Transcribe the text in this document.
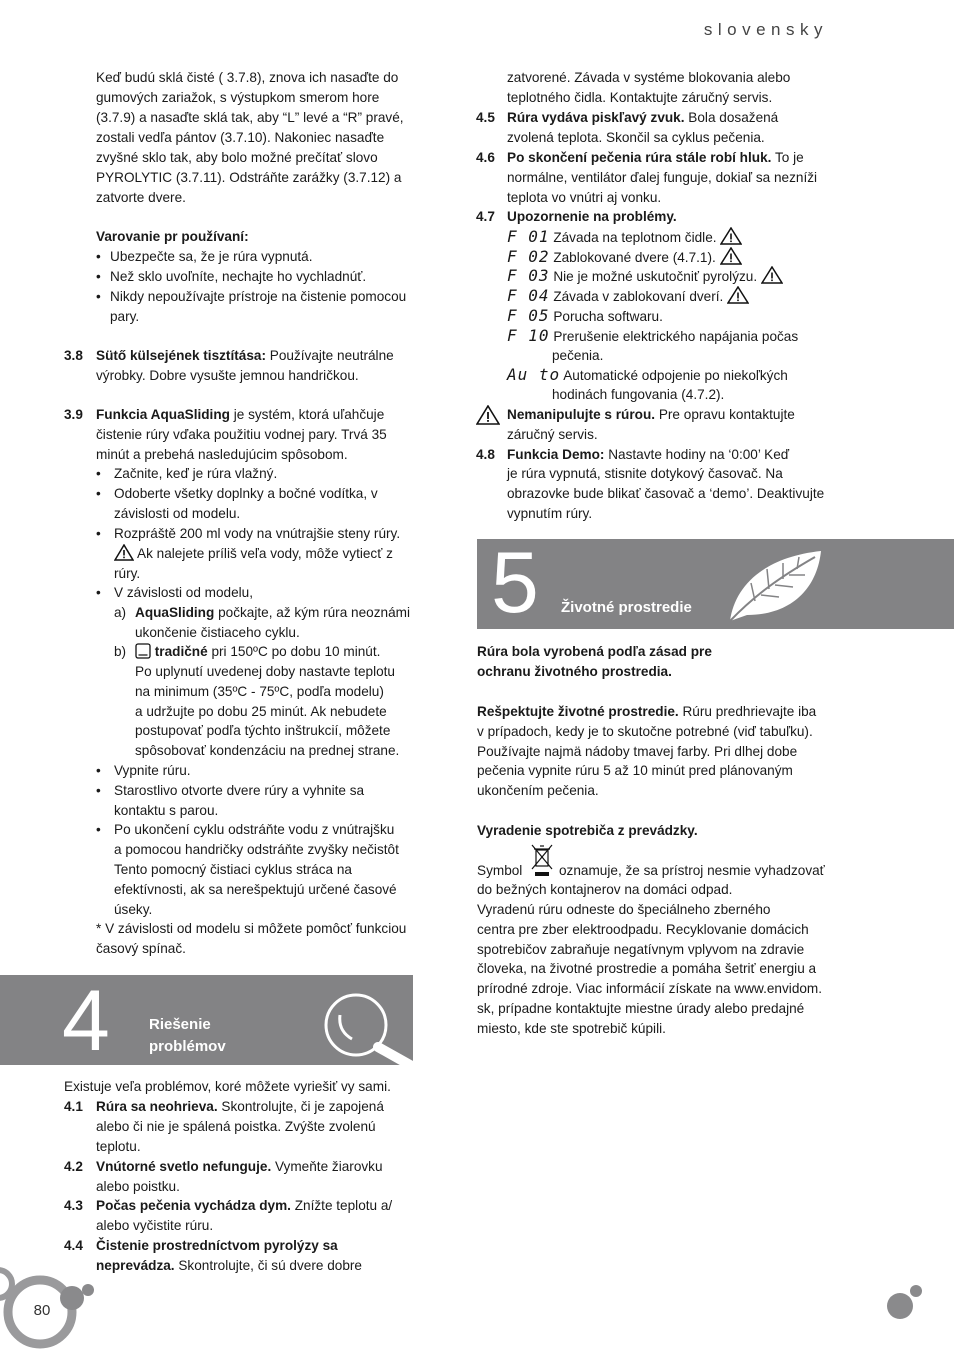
slovensky
Keď budú sklá čisté ( 3.7.8), znova ich nasaďte do
gumových zariažok, s výstupkom smerom hore
(3.7.9) a nasaďte sklá tak, aby “L” levé a “R” pravé,
zostali vedľa pántov (3.7.10). Nakoniec nasaďte
zvyšné sklo tak, aby bolo možné prečítať slovo
PYROLYTIC (3.7.11). Odstráňte zarážky (3.7.12) a
zatvorte dvere.
Varovanie pr používaní:
• Ubezpečte sa, že je rúra vypnutá.
• Než sklo uvoľníte, nechajte ho vychladnúť.
• Nikdy nepoužívajte prístroje na čistenie pomocou
pary.
3.8 Sütő külsejének tisztítása: Používajte neutrálne
výrobky. Dobre vysušte jemnou handričkou.
3.9 Funkcia AquaSliding je systém, ktorá uľahčuje
čistenie rúry vďaka použitiu vodnej pary. Trvá 35
minút a prebehá nasledujúcim spôsobom.
• Začnite, keď je rúra vlažný.
• Odoberte všetky doplnky a bočné vodítka, v
závislosti od modelu.
• Rozpráště 200 ml vody na vnútrajšie steny rúry.
Ak nalejete príliš veľa vody, môže vytiecť z
rúry.
• V závislosti od modelu,
a) AquaSliding počkajte, až kým rúra neoznámi
ukončenie čistiaceho cyklu.
b)	tradičné pri 150ºC po dobu 10 minút.
Po uplynutí uvedenej doby nastavte teplotu
na minimum (35ºC - 75ºC, podľa modelu)
a udržujte po dobu 25 minút. Ak nebudete
postupovať podľa týchto inštrukcií, môžete
spôsobovať kondenzáciu na prednej strane.
• Vypnite rúru.
• Starostlivo otvorte dvere rúry a vyhnite sa
kontaktu s parou.
• Po ukončení cyklu odstráňte vodu z vnútrajšku
a pomocou handričky odstráňte zvyšky nečistôt
Tento pomocný čistiaci cyklus stráca na
efektívnosti, ak sa nerešpektujú určené časové
úseky.
* V závislosti od modelu si môžete pomôcť funkciou
časový spínač.
4	Riešenie
problémov
Existuje veľa problémov, koré môžete vyriešiť vy sami.
4.1 Rúra sa neohrieva. Skontrolujte, či je zapojená
alebo či nie je spálená poistka. Zvýšte zvolenú
teplotu.
4.2 Vnútorné svetlo nefunguje. Vymeňte žiarovku
alebo poistku.
4.3 Počas pečenia vychádza dym. Znížte teplotu a/
alebo vyčistite rúru.
4.4 Čistenie prostredníctvom pyrolýzy sa
neprevádza. Skontrolujte, či sú dvere dobre
zatvorené. Závada v systéme blokovania alebo
teplotného čidla. Kontaktujte záručný servis.
4.5 Rúra vydáva piskľavý zvuk. Bola dosažená
zvolená teplota. Skončil sa cyklus pečenia.
4.6 Po skončení pečenia rúra stále robí hluk. To je
normálne, ventilátor ďalej funguje, dokiaľ sa nezníži
teplota vo vnútri aj vonku.
4.7 Upozornenie na problémy.
F 01 Závada na teplotnom čidle.
F 02 Zablokované dvere (4.7.1).
F 03 Nie je možné uskutočniť pyrolýzu.
F 04 Závada v zablokovaní dverí.
F 05 Porucha softwaru.
F 10 Prerušenie elektrického napájania počas
pečenia.
Au to Automatické odpojenie po niekoľkých
hodinách fungovania (4.7.2).
Nemanipulujte s rúrou. Pre opravu kontaktujte
záručný servis.
4.8 Funkcia Demo: Nastavte hodiny na ‘0:00’ Keď
je rúra vypnutá, stisnite dotykový časovač. Na
obrazovke bude blikať časovač a ‘demo’. Deaktivujte
vypnutím rúry.
5 Životné prostredie
Rúra bola vyrobená podľa zásad pre
ochranu životného prostredia.
Rešpektujte životné prostredie. Rúru predhrievajte iba
v prípadoch, kedy je to skutočne potrebné (viď tabuľku).
Používajte najmä nádoby tmavej farby. Pri dlhej dobe
pečenia vypnite rúru 5 až 10 minút pred plánovaným
ukončením pečenia.
Vyradenie spotrebiča z prevádzky.
Symbol	oznamuje, že sa prístroj nesmie vyhadzovať
do bežných kontajnerov na domáci odpad.
Vyradenú rúru odneste do špeciálneho zberného
centra pre zber elektroodpadu. Recyklovanie domácich
spotrebičov zabraňuje negatívnym vplyvom na zdravie
človeka, na životné prostredie a pomáha šetriť energiu a
prírodné zdroje. Viac informácií získate na www.envidom.
sk, prípadne kontaktujte miestne úrady alebo predajné
miesto, kde ste spotrebič kúpili.
80
